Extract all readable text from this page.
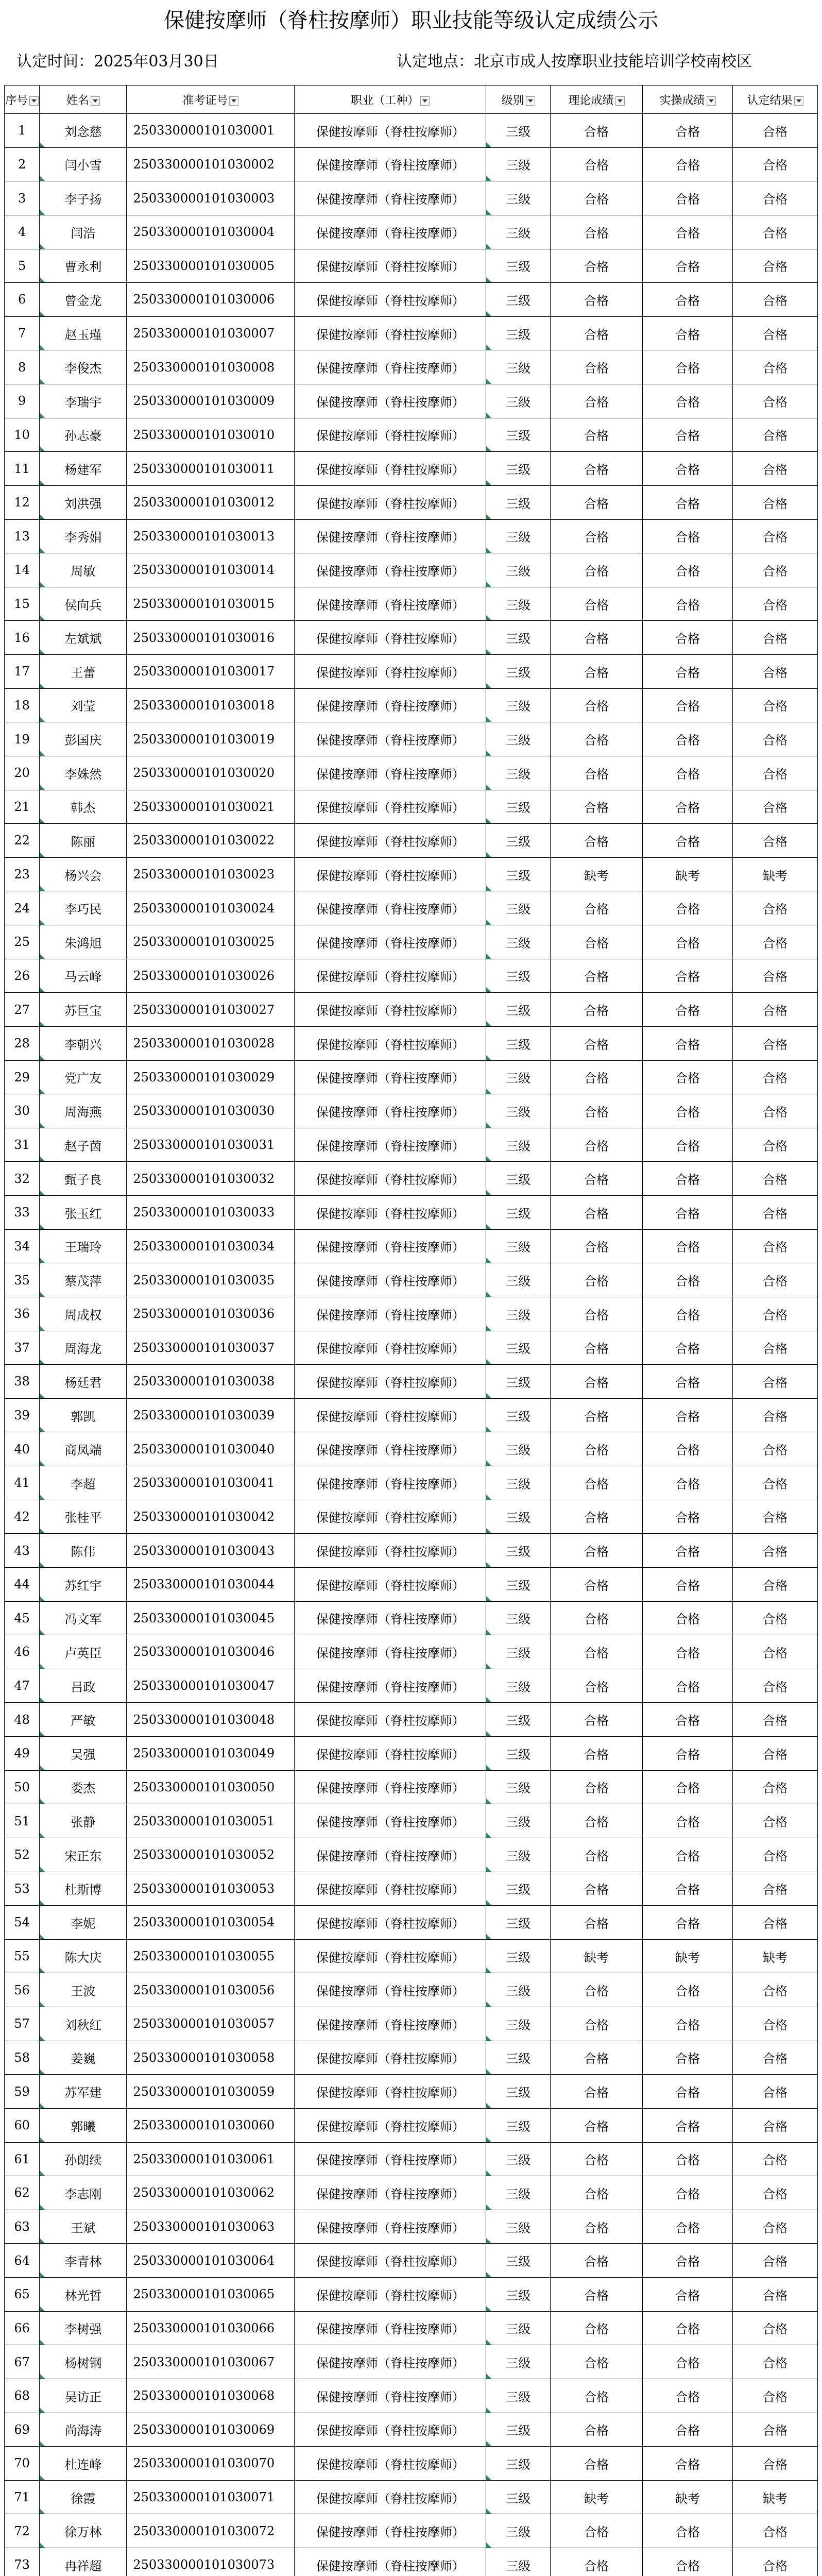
保健按摩师（脊柱按摩师）职业技能等级认定成绩公示
认定时间：2025年03月30日	认定地点：北京市成人按摩职业技能培训学校南校区
序号	姓名	准考证号	职业（工种）	级别	理论成绩	实操成绩	认定结果
1	刘念慈	250330000101030001	保健按摩师（脊柱按摩师）	三级	合格	合格	合格
2	闫小雪	250330000101030002	保健按摩师（脊柱按摩师）	三级	合格	合格	合格
3	李子扬	250330000101030003	保健按摩师（脊柱按摩师）	三级	合格	合格	合格
4	闫浩	250330000101030004	保健按摩师（脊柱按摩师）	三级	合格	合格	合格
5	曹永利	250330000101030005	保健按摩师（脊柱按摩师）	三级	合格	合格	合格
6	曾金龙	250330000101030006	保健按摩师（脊柱按摩师）	三级	合格	合格	合格
7	赵玉瑾	250330000101030007	保健按摩师（脊柱按摩师）	三级	合格	合格	合格
8	李俊杰	250330000101030008	保健按摩师（脊柱按摩师）	三级	合格	合格	合格
9	李瑞宇	250330000101030009	保健按摩师（脊柱按摩师）	三级	合格	合格	合格
10	孙志豪	250330000101030010	保健按摩师（脊柱按摩师）	三级	合格	合格	合格
11	杨建军	250330000101030011	保健按摩师（脊柱按摩师）	三级	合格	合格	合格
12	刘洪强	250330000101030012	保健按摩师（脊柱按摩师）	三级	合格	合格	合格
13	李秀娟	250330000101030013	保健按摩师（脊柱按摩师）	三级	合格	合格	合格
14	周敏	250330000101030014	保健按摩师（脊柱按摩师）	三级	合格	合格	合格
15	侯向兵	250330000101030015	保健按摩师（脊柱按摩师）	三级	合格	合格	合格
16	左斌斌	250330000101030016	保健按摩师（脊柱按摩师）	三级	合格	合格	合格
17	王蕾	250330000101030017	保健按摩师（脊柱按摩师）	三级	合格	合格	合格
18	刘莹	250330000101030018	保健按摩师（脊柱按摩师）	三级	合格	合格	合格
19	彭国庆	250330000101030019	保健按摩师（脊柱按摩师）	三级	合格	合格	合格
20	李姝然	250330000101030020	保健按摩师（脊柱按摩师）	三级	合格	合格	合格
21	韩杰	250330000101030021	保健按摩师（脊柱按摩师）	三级	合格	合格	合格
22	陈丽	250330000101030022	保健按摩师（脊柱按摩师）	三级	合格	合格	合格
23	杨兴会	250330000101030023	保健按摩师（脊柱按摩师）	三级	缺考	缺考	缺考
24	李巧民	250330000101030024	保健按摩师（脊柱按摩师）	三级	合格	合格	合格
25	朱鸿旭	250330000101030025	保健按摩师（脊柱按摩师）	三级	合格	合格	合格
26	马云峰	250330000101030026	保健按摩师（脊柱按摩师）	三级	合格	合格	合格
27	苏巨宝	250330000101030027	保健按摩师（脊柱按摩师）	三级	合格	合格	合格
28	李朝兴	250330000101030028	保健按摩师（脊柱按摩师）	三级	合格	合格	合格
29	党广友	250330000101030029	保健按摩师（脊柱按摩师）	三级	合格	合格	合格
30	周海燕	250330000101030030	保健按摩师（脊柱按摩师）	三级	合格	合格	合格
31	赵子茵	250330000101030031	保健按摩师（脊柱按摩师）	三级	合格	合格	合格
32	甄子良	250330000101030032	保健按摩师（脊柱按摩师）	三级	合格	合格	合格
33	张玉红	250330000101030033	保健按摩师（脊柱按摩师）	三级	合格	合格	合格
34	王瑞玲	250330000101030034	保健按摩师（脊柱按摩师）	三级	合格	合格	合格
35	蔡茂萍	250330000101030035	保健按摩师（脊柱按摩师）	三级	合格	合格	合格
36	周成权	250330000101030036	保健按摩师（脊柱按摩师）	三级	合格	合格	合格
37	周海龙	250330000101030037	保健按摩师（脊柱按摩师）	三级	合格	合格	合格
38	杨廷君	250330000101030038	保健按摩师（脊柱按摩师）	三级	合格	合格	合格
39	郭凯	250330000101030039	保健按摩师（脊柱按摩师）	三级	合格	合格	合格
40	商凤端	250330000101030040	保健按摩师（脊柱按摩师）	三级	合格	合格	合格
41	李超	250330000101030041	保健按摩师（脊柱按摩师）	三级	合格	合格	合格
42	张桂平	250330000101030042	保健按摩师（脊柱按摩师）	三级	合格	合格	合格
43	陈伟	250330000101030043	保健按摩师（脊柱按摩师）	三级	合格	合格	合格
44	苏红宇	250330000101030044	保健按摩师（脊柱按摩师）	三级	合格	合格	合格
45	冯文军	250330000101030045	保健按摩师（脊柱按摩师）	三级	合格	合格	合格
46	卢英臣	250330000101030046	保健按摩师（脊柱按摩师）	三级	合格	合格	合格
47	吕政	250330000101030047	保健按摩师（脊柱按摩师）	三级	合格	合格	合格
48	严敏	250330000101030048	保健按摩师（脊柱按摩师）	三级	合格	合格	合格
49	吴强	250330000101030049	保健按摩师（脊柱按摩师）	三级	合格	合格	合格
50	娄杰	250330000101030050	保健按摩师（脊柱按摩师）	三级	合格	合格	合格
51	张静	250330000101030051	保健按摩师（脊柱按摩师）	三级	合格	合格	合格
52	宋正东	250330000101030052	保健按摩师（脊柱按摩师）	三级	合格	合格	合格
53	杜斯博	250330000101030053	保健按摩师（脊柱按摩师）	三级	合格	合格	合格
54	李妮	250330000101030054	保健按摩师（脊柱按摩师）	三级	合格	合格	合格
55	陈大庆	250330000101030055	保健按摩师（脊柱按摩师）	三级	缺考	缺考	缺考
56	王波	250330000101030056	保健按摩师（脊柱按摩师）	三级	合格	合格	合格
57	刘秋红	250330000101030057	保健按摩师（脊柱按摩师）	三级	合格	合格	合格
58	姜巍	250330000101030058	保健按摩师（脊柱按摩师）	三级	合格	合格	合格
59	苏军建	250330000101030059	保健按摩师（脊柱按摩师）	三级	合格	合格	合格
60	郭曦	250330000101030060	保健按摩师（脊柱按摩师）	三级	合格	合格	合格
61	孙朗续	250330000101030061	保健按摩师（脊柱按摩师）	三级	合格	合格	合格
62	李志刚	250330000101030062	保健按摩师（脊柱按摩师）	三级	合格	合格	合格
63	王斌	250330000101030063	保健按摩师（脊柱按摩师）	三级	合格	合格	合格
64	李青林	250330000101030064	保健按摩师（脊柱按摩师）	三级	合格	合格	合格
65	林光哲	250330000101030065	保健按摩师（脊柱按摩师）	三级	合格	合格	合格
66	李树强	250330000101030066	保健按摩师（脊柱按摩师）	三级	合格	合格	合格
67	杨树钢	250330000101030067	保健按摩师（脊柱按摩师）	三级	合格	合格	合格
68	吴访正	250330000101030068	保健按摩师（脊柱按摩师）	三级	合格	合格	合格
69	尚海涛	250330000101030069	保健按摩师（脊柱按摩师）	三级	合格	合格	合格
70	杜连峰	250330000101030070	保健按摩师（脊柱按摩师）	三级	合格	合格	合格
71	徐霞	250330000101030071	保健按摩师（脊柱按摩师）	三级	缺考	缺考	缺考
72	徐万林	250330000101030072	保健按摩师（脊柱按摩师）	三级	合格	合格	合格
73	冉祥超	250330000101030073	保健按摩师（脊柱按摩师）	三级	合格	合格	合格
